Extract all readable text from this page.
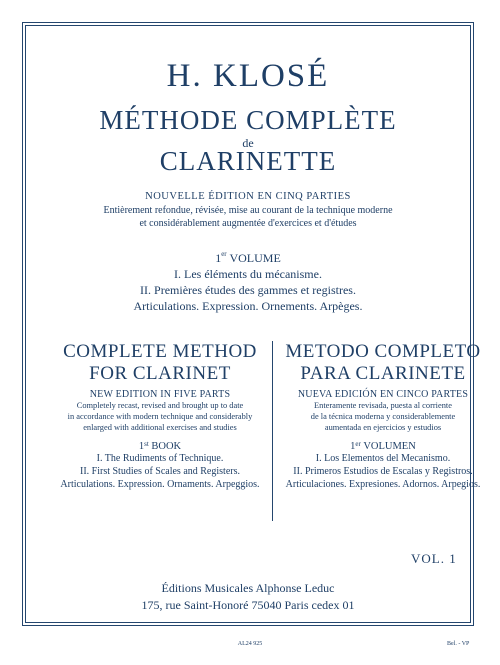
H. KLOSÉ
MÉTHODE COMPLÈTE
de
CLARINETTE
NOUVELLE ÉDITION EN CINQ PARTIES
Entièrement refondue, révisée, mise au courant de la technique moderne
et considérablement augmentée d'exercices et d'études
1er VOLUME
I. Les éléments du mécanisme.
II. Premières études des gammes et registres.
Articulations. Expression. Ornements. Arpèges.
COMPLETE METHOD
FOR CLARINET
NEW EDITION IN FIVE PARTS
Completely recast, revised and brought up to date
in accordance with modern technique and considerably
enlarged with additional exercises and studies
1st BOOK
I. The Rudiments of Technique.
II. First Studies of Scales and Registers.
Articulations. Expression. Ornaments. Arpeggios.
METODO COMPLETO
PARA CLARINETE
NUEVA EDICIÓN EN CINCO PARTES
Enteramente revisada, puesta al corriente
de la técnica moderna y considerablemente
aumentada en ejercicios y estudios
1er VOLUMEN
I. Los Elementos del Mecanismo.
II. Primeros Estudios de Escalas y Registros.
Articulaciones. Expresiones. Adornos. Arpegios.
VOL. 1
Éditions Musicales Alphonse Leduc
175, rue Saint-Honoré 75040 Paris cedex 01
AL24 925	Bel. - VP
